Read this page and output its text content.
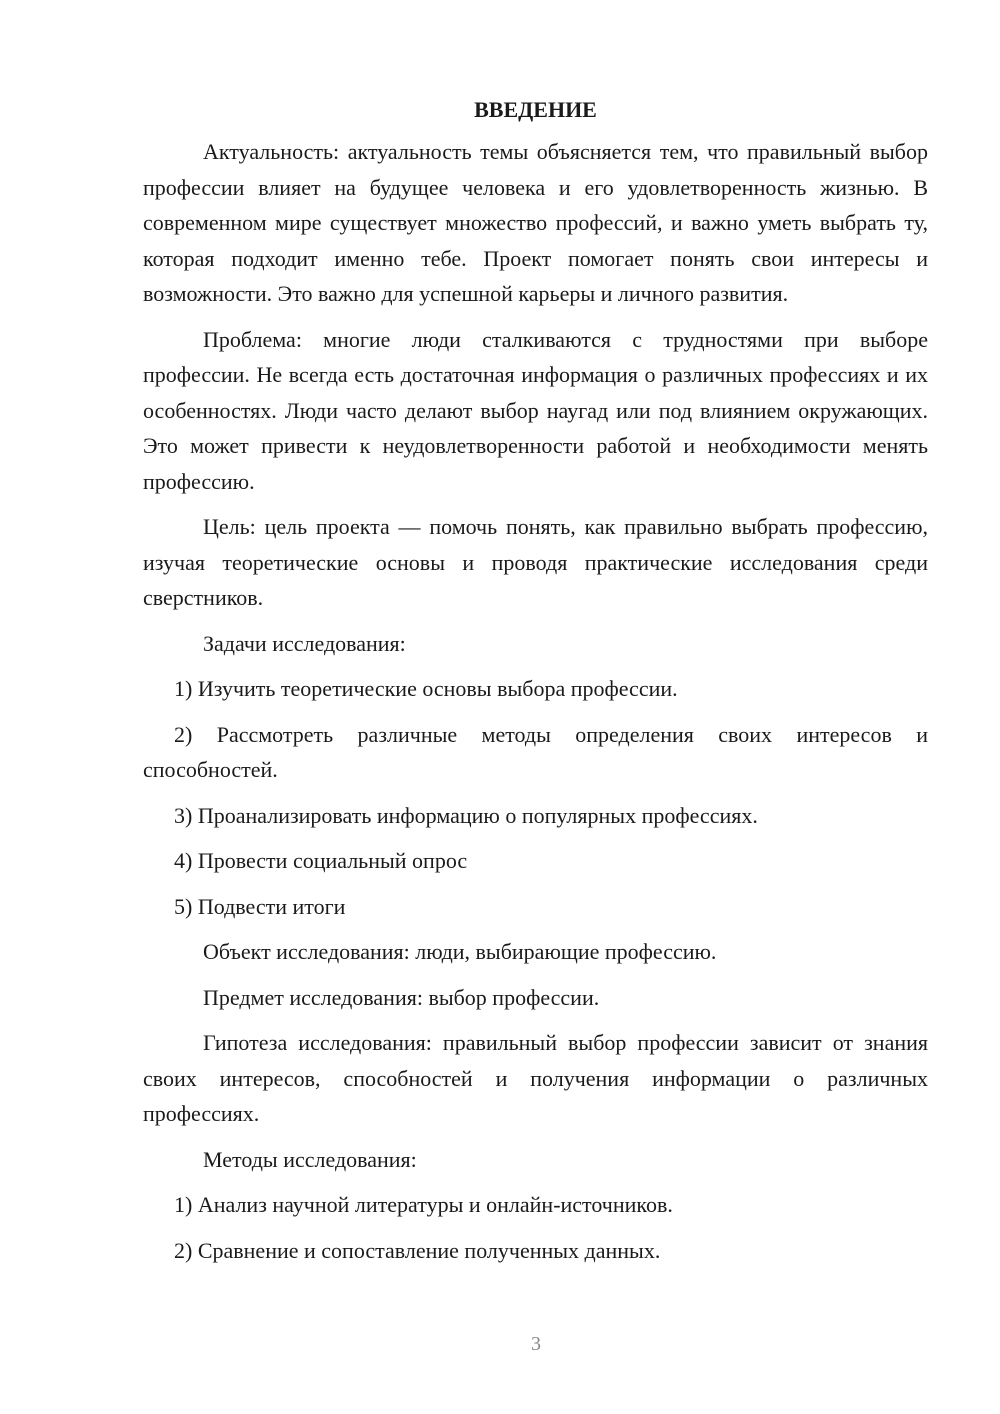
ВВЕДЕНИЕ

Актуальность: актуальность темы объясняется тем, что правильный выбор профессии влияет на будущее человека и его удовлетворенность жизнью. В современном мире существует множество профессий, и важно уметь выбрать ту, которая подходит именно тебе. Проект помогает понять свои интересы и возможности. Это важно для успешной карьеры и личного развития.

Проблема: многие люди сталкиваются с трудностями при выборе профессии. Не всегда есть достаточная информация о различных профессиях и их особенностях. Люди часто делают выбор наугад или под влиянием окружающих. Это может привести к неудовлетворенности работой и необходимости менять профессию.

Цель: цель проекта — помочь понять, как правильно выбрать профессию, изучая теоретические основы и проводя практические исследования среди сверстников.

Задачи исследования:

1) Изучить теоретические основы выбора профессии.

2) Рассмотреть различные методы определения своих интересов и способностей.

3) Проанализировать информацию о популярных профессиях.

4) Провести социальный опрос

5) Подвести итоги

Объект исследования: люди, выбирающие профессию.

Предмет исследования: выбор профессии.

Гипотеза исследования: правильный выбор профессии зависит от знания своих интересов, способностей и получения информации о различных профессиях.

Методы исследования:

1) Анализ научной литературы и онлайн-источников.

2) Сравнение и сопоставление полученных данных.

3
